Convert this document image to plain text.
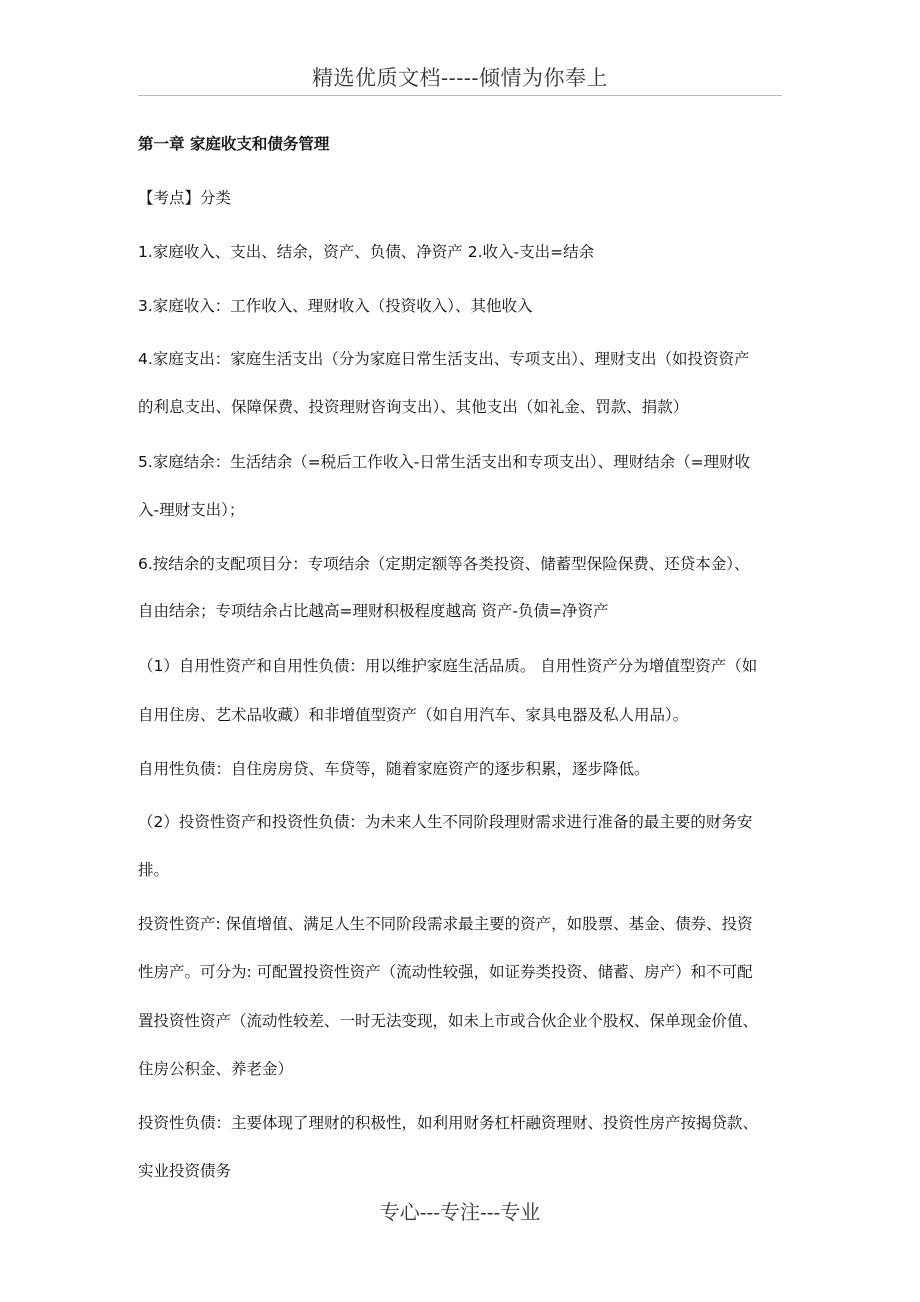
精选优质文档-----倾情为你奉上
第一章 家庭收支和债务管理
【考点】分类
1.家庭收入、支出、结余，资产、负债、净资产 2.收入-支出=结余
3.家庭收入：工作收入、理财收入（投资收入）、其他收入
4.家庭支出：家庭生活支出（分为家庭日常生活支出、专项支出）、理财支出（如投资资产
的利息支出、保障保费、投资理财咨询支出）、其他支出（如礼金、罚款、捐款）
5.家庭结余：生活结余（=税后工作收入-日常生活支出和专项支出）、理财结余（=理财收
入-理财支出）；
6.按结余的支配项目分：专项结余（定期定额等各类投资、储蓄型保险保费、还贷本金）、
自由结余；专项结余占比越高=理财积极程度越高 资产-负债=净资产
（1）自用性资产和自用性负债：用以维护家庭生活品质。 自用性资产分为增值型资产（如
自用住房、艺术品收藏）和非增值型资产（如自用汽车、家具电器及私人用品）。
自用性负债：自住房房贷、车贷等，随着家庭资产的逐步积累，逐步降低。
（2）投资性资产和投资性负债：为未来人生不同阶段理财需求进行准备的最主要的财务安
排。
投资性资产: 保值增值、满足人生不同阶段需求最主要的资产，如股票、基金、债券、投资
性房产。可分为: 可配置投资性资产（流动性较强，如证券类投资、储蓄、房产）和不可配
置投资性资产（流动性较差、一时无法变现，如未上市或合伙企业个股权、保单现金价值、
住房公积金、养老金）
投资性负债：主要体现了理财的积极性，如利用财务杠杆融资理财、投资性房产按揭贷款、
实业投资债务
专心---专注---专业
